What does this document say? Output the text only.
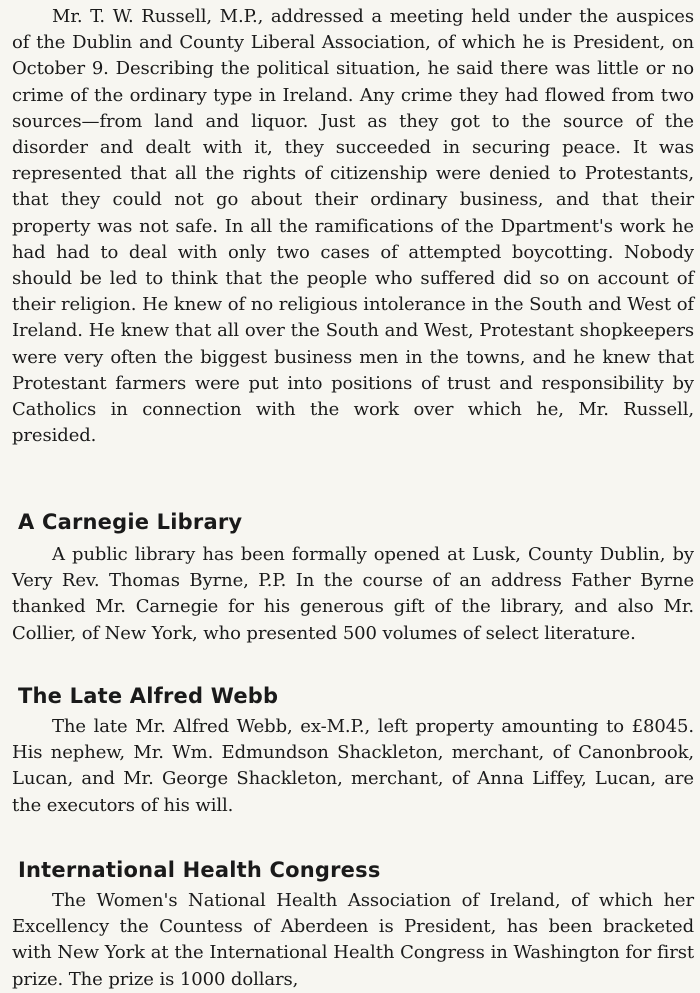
Mr. T. W. Russell, M.P., addressed a meeting held under the auspices of the Dublin and County Liberal Association, of which he is President, on October 9. Describing the political situation, he said there was little or no crime of the ordinary type in Ireland. Any crime they had flowed from two sources—from land and liquor. Just as they got to the source of the disorder and dealt with it, they succeeded in securing peace. It was represented that all the rights of citizenship were denied to Protestants, that they could not go about their ordinary business, and that their property was not safe. In all the ramifications of the Dpartment's work he had had to deal with only two cases of attempted boycotting. Nobody should be led to think that the people who suffered did so on account of their religion. He knew of no religious intolerance in the South and West of Ireland. He knew that all over the South and West, Protestant shopkeepers were very often the biggest business men in the towns, and he knew that Protestant farmers were put into positions of trust and responsibility by Catholics in connection with the work over which he, Mr. Russell, presided.

A Carnegie Library

A public library has been formally opened at Lusk, County Dublin, by Very Rev. Thomas Byrne, P.P. In the course of an address Father Byrne thanked Mr. Carnegie for his generous gift of the library, and also Mr. Collier, of New York, who presented 500 volumes of select literature.

The Late Alfred Webb

The late Mr. Alfred Webb, ex-M.P., left property amounting to £8045. His nephew, Mr. Wm. Edmundson Shackleton, merchant, of Canonbrook, Lucan, and Mr. George Shackleton, merchant, of Anna Liffey, Lucan, are the executors of his will.

International Health Congress

The Women's National Health Association of Ireland, of which her Excellency the Countess of Aberdeen is President, has been bracketed with New York at the International Health Congress in Washington for first prize. The prize is 1000 dollars,
